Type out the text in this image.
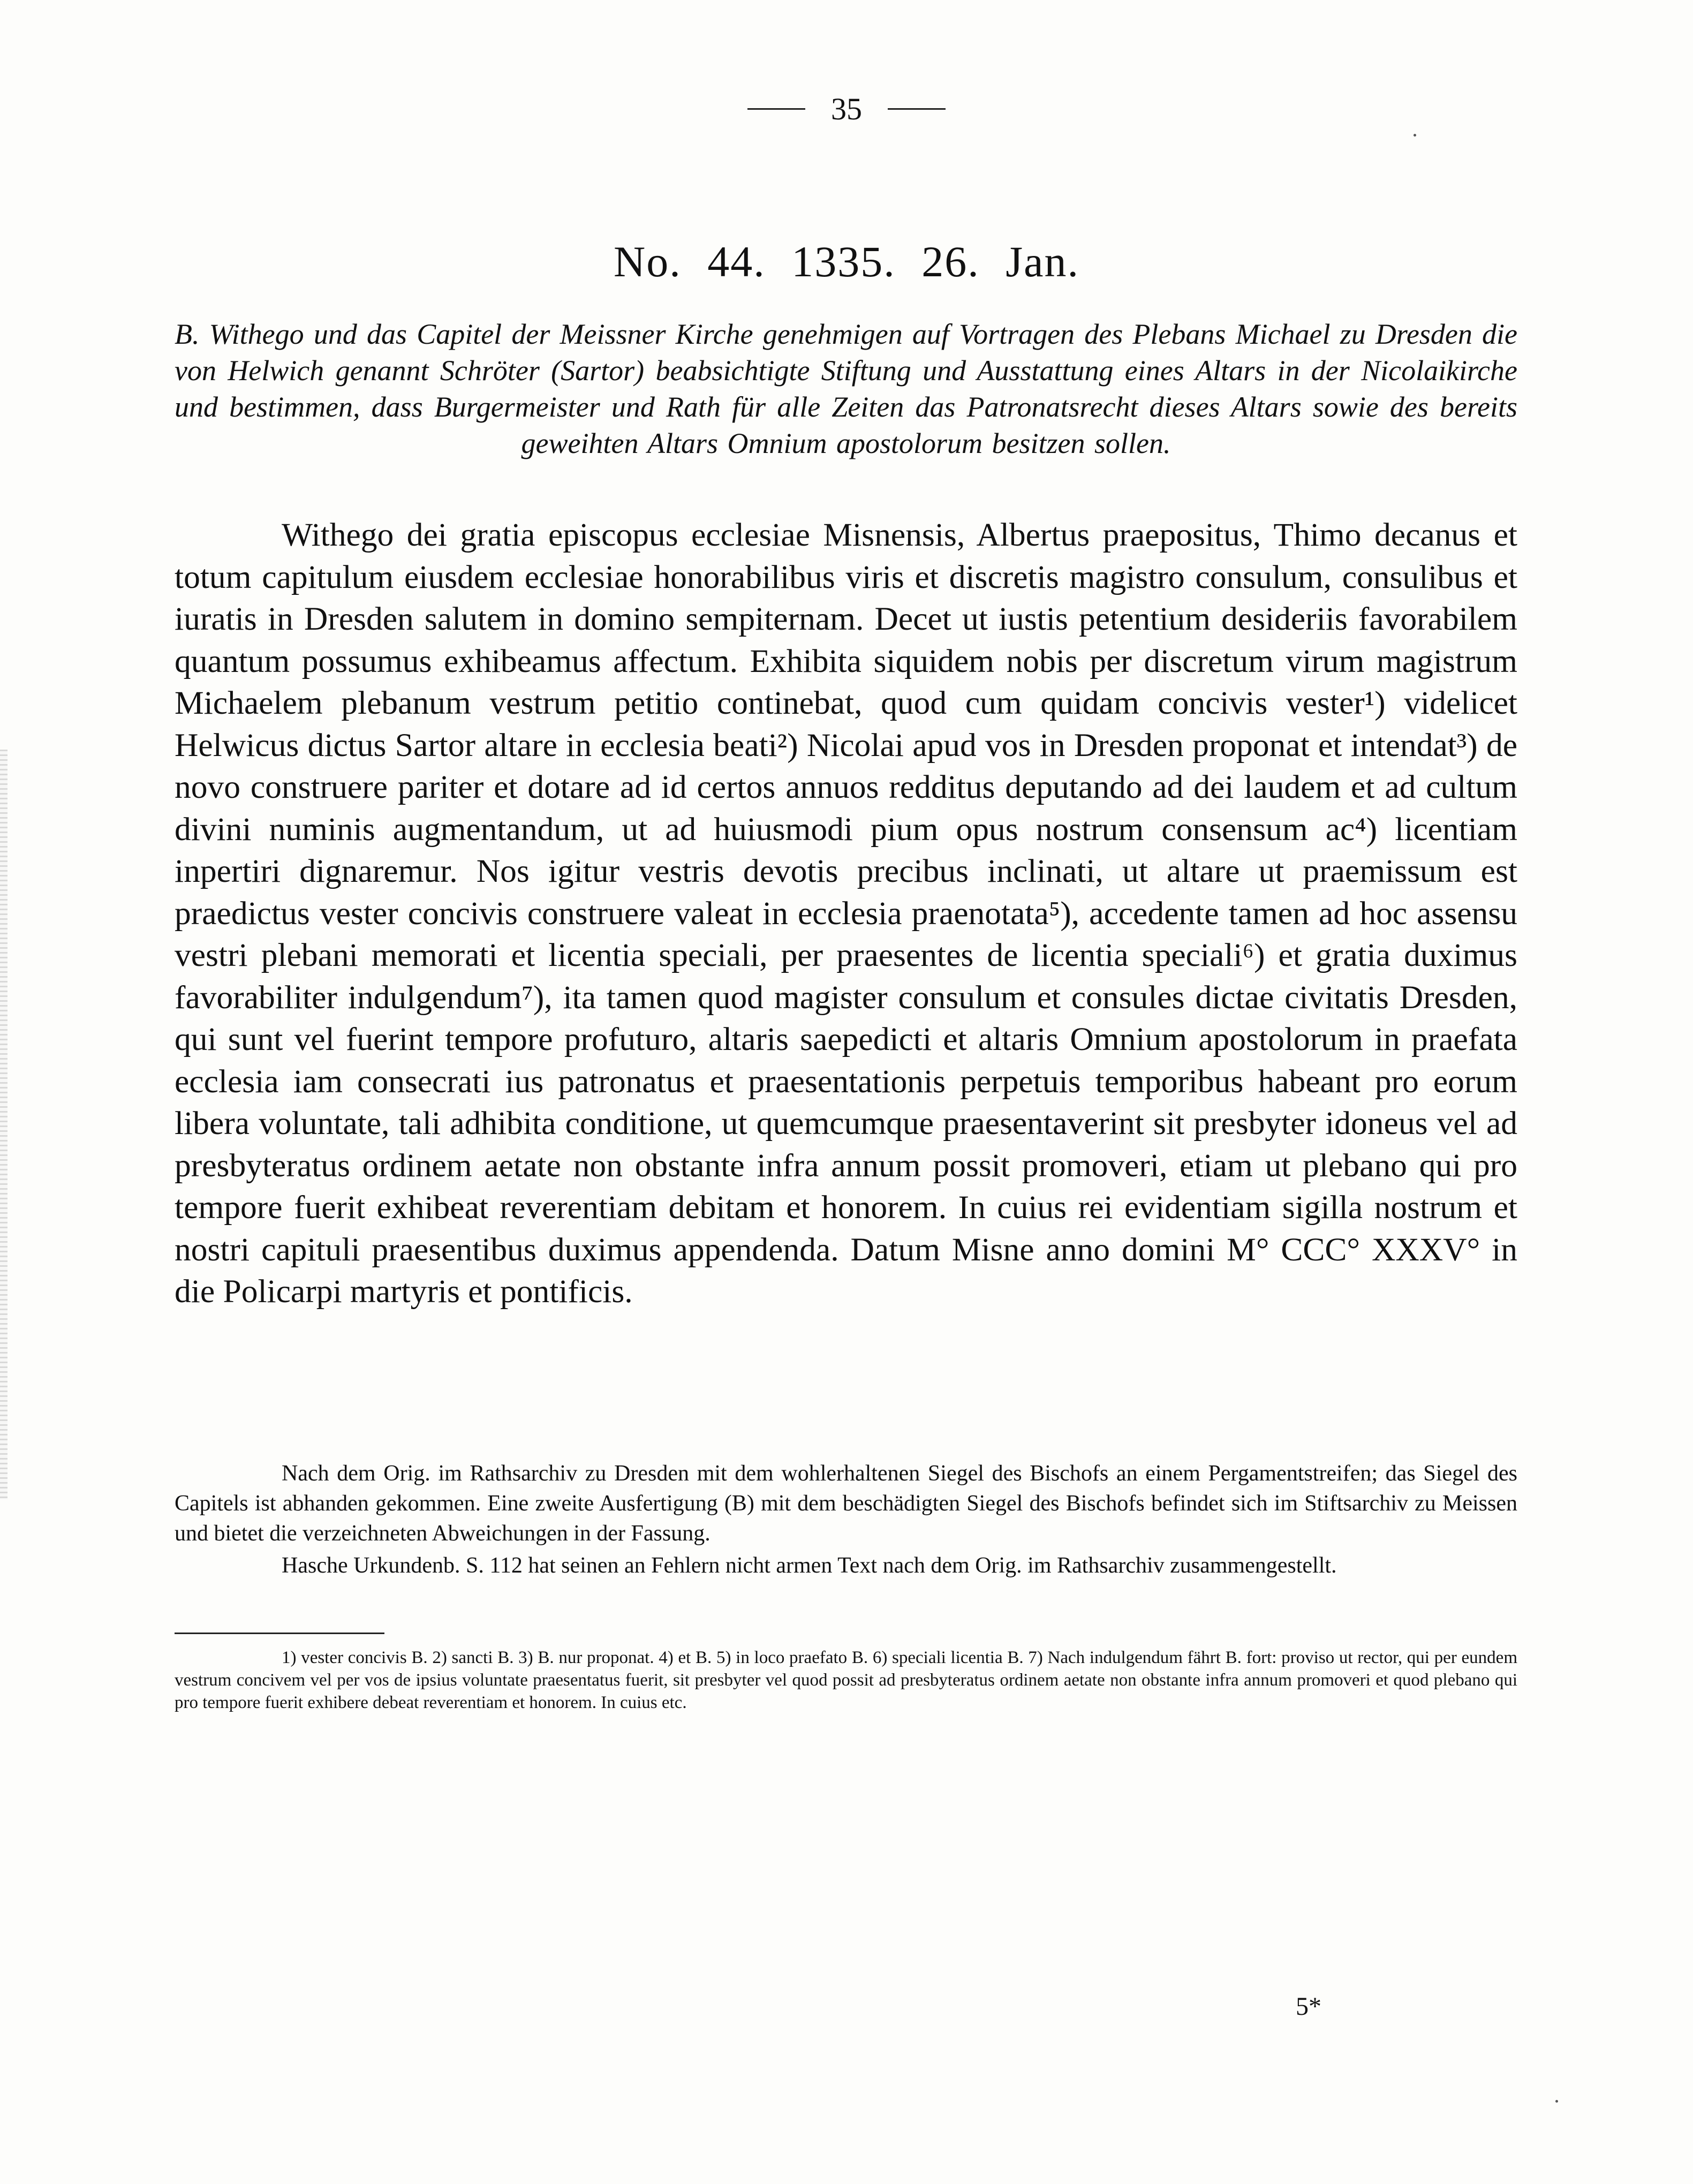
35
No. 44. 1335. 26. Jan.
B. Withego und das Capitel der Meissner Kirche genehmigen auf Vortragen des Plebans Michael zu Dresden die von Helwich genannt Schröter (Sartor) beabsichtigte Stiftung und Ausstattung eines Altars in der Nicolaikirche und bestimmen, dass Burgermeister und Rath für alle Zeiten das Patronatsrecht dieses Altars sowie des bereits geweihten Altars Omnium apostolorum besitzen sollen.
Withego dei gratia episcopus ecclesiae Misnensis, Albertus praepositus, Thimo decanus et totum capitulum eiusdem ecclesiae honorabilibus viris et discretis magistro consulum, consulibus et iuratis in Dresden salutem in domino sempiternam. Decet ut iustis petentium desideriis favorabilem quantum possumus exhibeamus affectum. Exhibita siquidem nobis per discretum virum magistrum Michaelem plebanum vestrum petitio continebat, quod cum quidam concivis vester¹) videlicet Helwicus dictus Sartor altare in ecclesia beati²) Nicolai apud vos in Dresden proponat et intendat³) de novo construere pariter et dotare ad id certos annuos redditus deputando ad dei laudem et ad cultum divini numinis augmentandum, ut ad huiusmodi pium opus nostrum consensum ac⁴) licentiam inpertiri dignaremur. Nos igitur vestris devotis precibus inclinati, ut altare ut praemissum est praedictus vester concivis construere valeat in ecclesia praenotata⁵), accedente tamen ad hoc assensu vestri plebani memorati et licentia speciali, per praesentes de licentia speciali⁶) et gratia duximus favorabiliter indulgendum⁷), ita tamen quod magister consulum et consules dictae civitatis Dresden, qui sunt vel fuerint tempore profuturo, altaris saepedicti et altaris Omnium apostolorum in praefata ecclesia iam consecrati ius patronatus et praesentationis perpetuis temporibus habeant pro eorum libera voluntate, tali adhibita conditione, ut quemcumque praesentaverint sit presbyter idoneus vel ad presbyteratus ordinem aetate non obstante infra annum possit promoveri, etiam ut plebano qui pro tempore fuerit exhibeat reverentiam debitam et honorem. In cuius rei evidentiam sigilla nostrum et nostri capituli praesentibus duximus appendenda. Datum Misne anno domini M° CCC° XXXV° in die Policarpi martyris et pontificis.
Nach dem Orig. im Rathsarchiv zu Dresden mit dem wohlerhaltenen Siegel des Bischofs an einem Pergamentstreifen; das Siegel des Capitels ist abhanden gekommen. Eine zweite Ausfertigung (B) mit dem beschädigten Siegel des Bischofs befindet sich im Stiftsarchiv zu Meissen und bietet die verzeichneten Abweichungen in der Fassung.
Hasche Urkundenb. S. 112 hat seinen an Fehlern nicht armen Text nach dem Orig. im Rathsarchiv zusammengestellt.
1) vester concivis B. 2) sancti B. 3) B. nur proponat. 4) et B. 5) in loco praefato B. 6) speciali licentia B. 7) Nach indulgendum fährt B. fort: proviso ut rector, qui per eundem vestrum concivem vel per vos de ipsius voluntate praesentatus fuerit, sit presbyter vel quod possit ad presbyteratus ordinem aetate non obstante infra annum promoveri et quod plebano qui pro tempore fuerit exhibere debeat reverentiam et honorem. In cuius etc.
5*
